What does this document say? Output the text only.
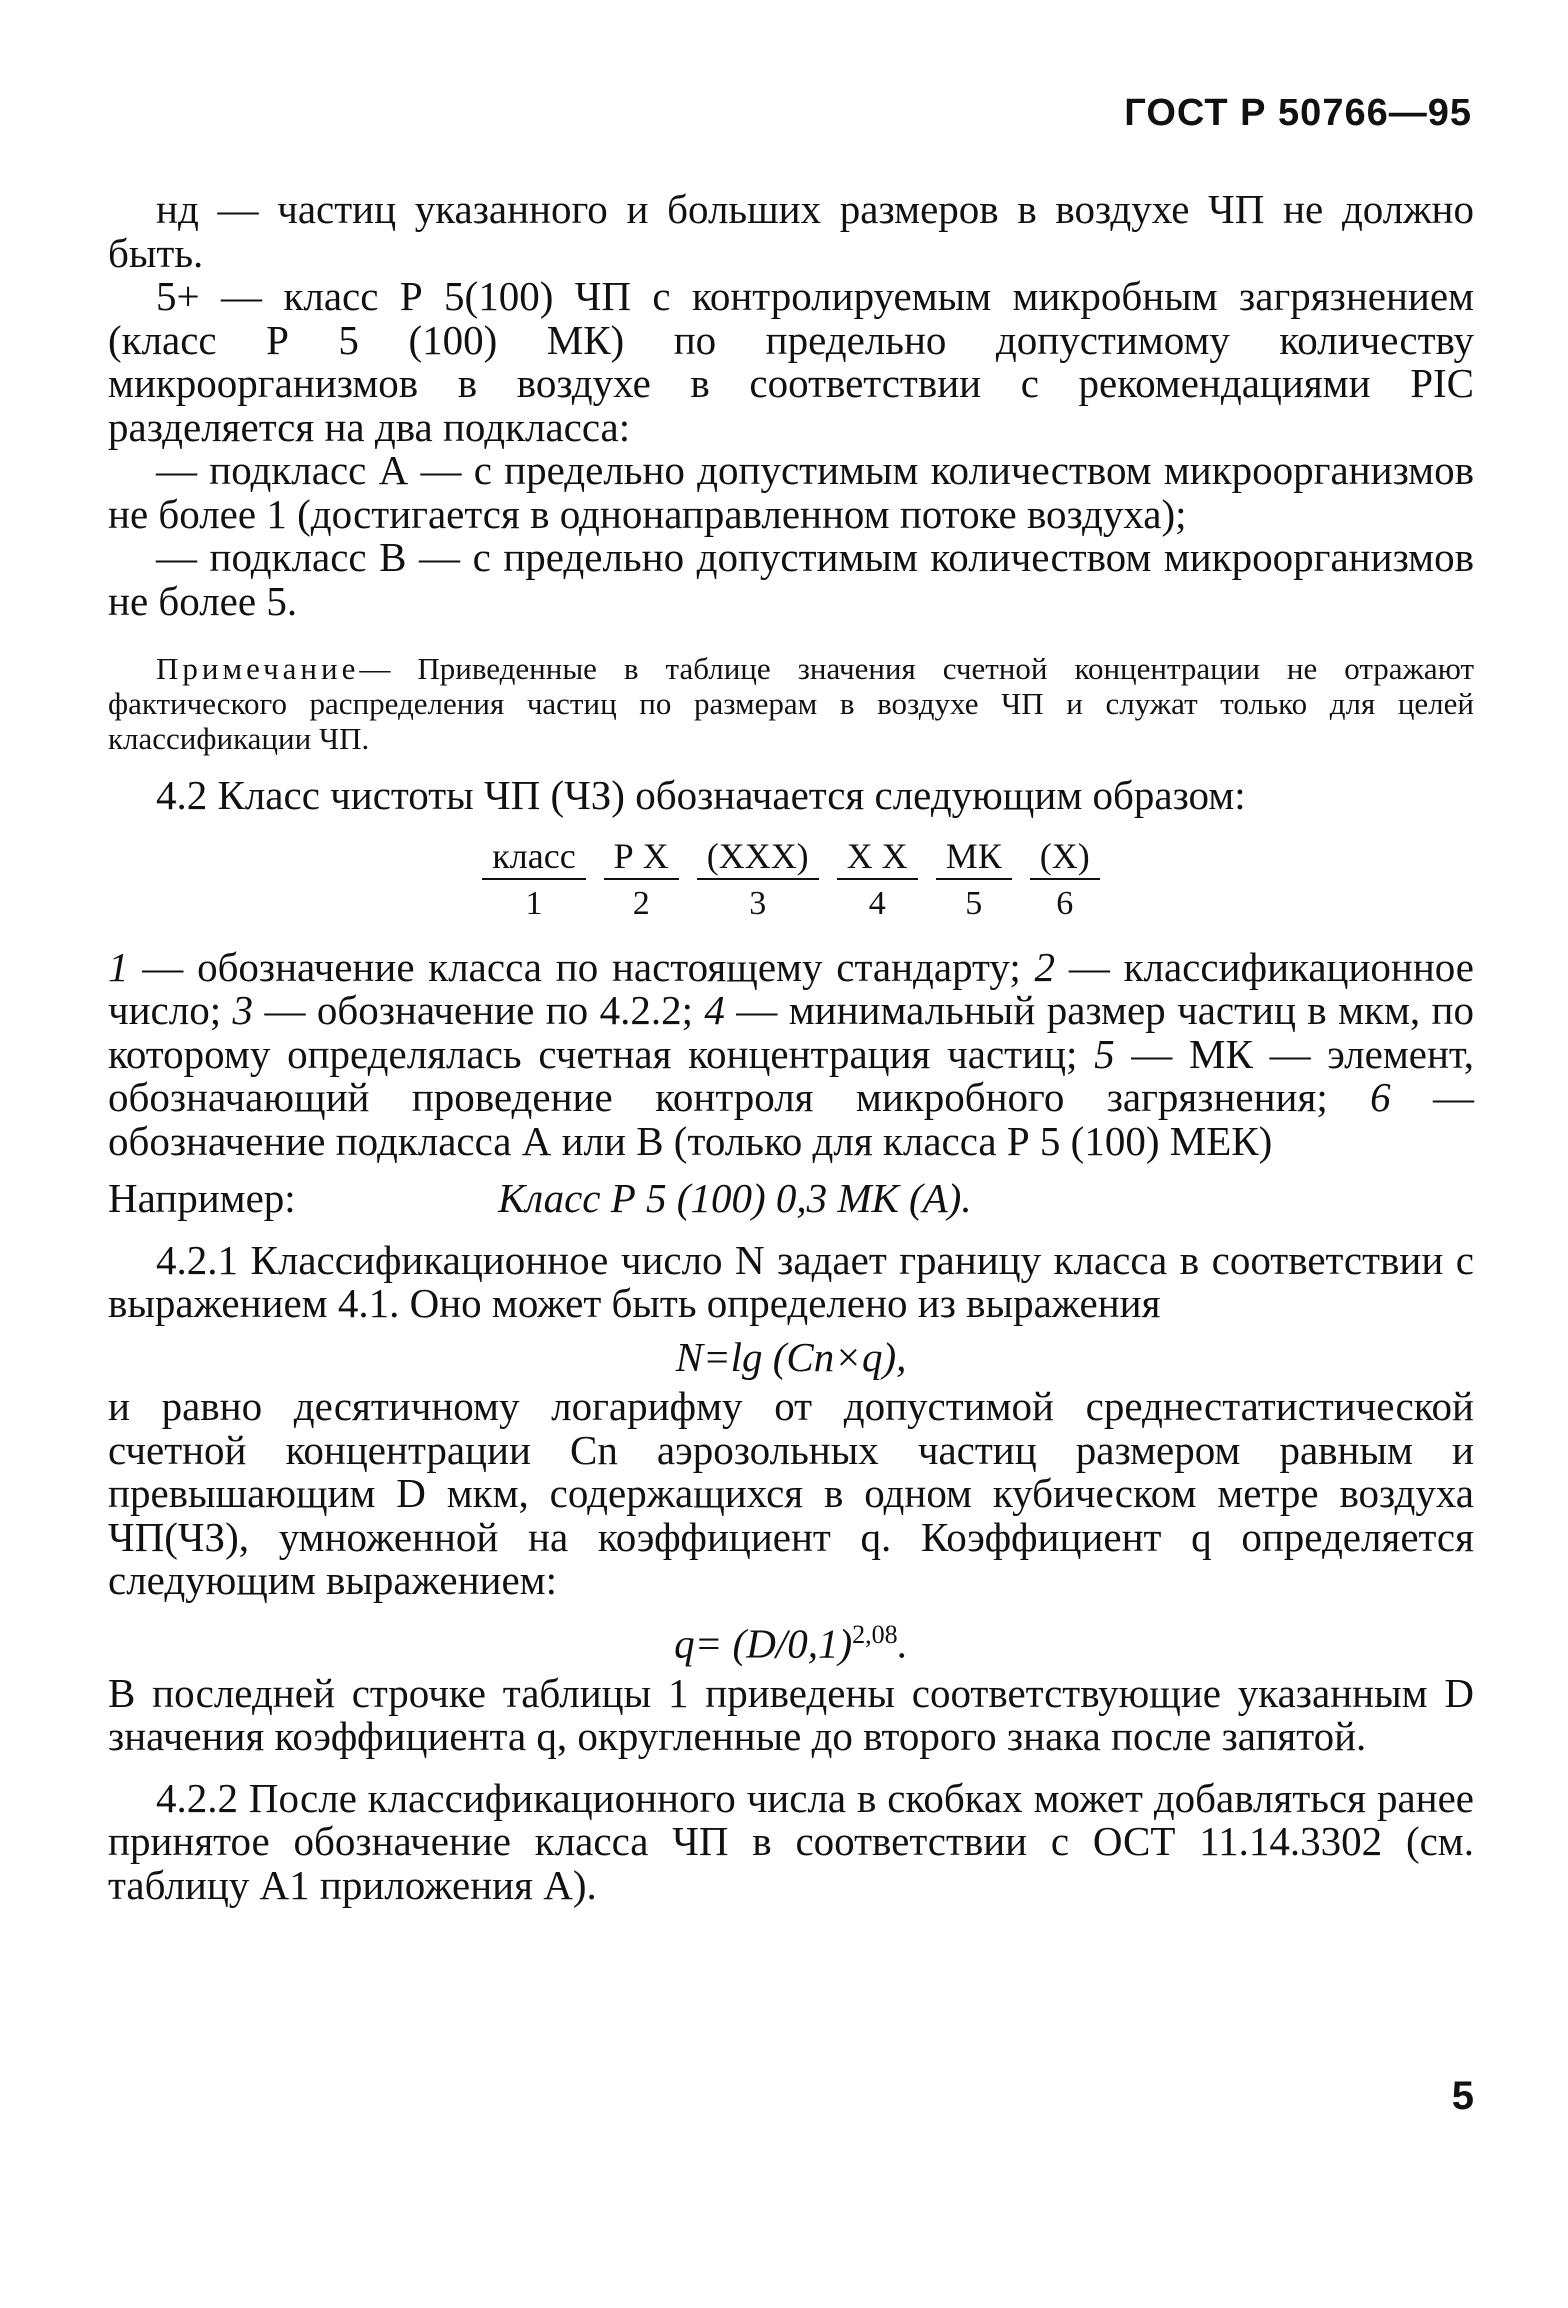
ГОСТ Р 50766—95

нд — частиц указанного и больших размеров в воздухе ЧП не должно быть.

5+ — класс Р 5(100) ЧП с контролируемым микробным загрязнением (класс Р 5 (100) МК) по предельно допустимому количеству микроорганизмов в воздухе в соответствии с рекомендациями PIC разделяется на два подкласса:

— подкласс А — с предельно допустимым количеством микроорганизмов не более 1 (достигается в однонаправленном потоке воздуха);

— подкласс В — с предельно допустимым количеством микроорганизмов не более 5.

Примечание— Приведенные в таблице значения счетной концентрации не отражают фактического распределения частиц по размерам в воздухе ЧП и служат только для целей классификации ЧП.

4.2 Класс чистоты ЧП (ЧЗ) обозначается следующим образом:

класс
1
Р Х
2
(ХХХ)
3
Х Х
4
МК
5
(Х)
6

1 — обозначение класса по настоящему стандарту; 2 — классификационное число; 3 — обозначение по 4.2.2; 4 — минимальный размер частиц в мкм, по которому определялась счетная концентрация частиц; 5 — МК — элемент, обозначающий проведение контроля микробного загрязнения; 6 — обозначение подкласса А или В (только для класса Р 5 (100) МЕК)

Например:	Класс Р 5 (100) 0,3 МК (А).

4.2.1 Классификационное число N задает границу класса в соответствии с выражением 4.1. Оно может быть определено из выражения

N=lg (Cn×q),

и равно десятичному логарифму от допустимой среднестатистической счетной концентрации Cn аэрозольных частиц размером равным и превышающим D мкм, содержащихся в одном кубическом метре воздуха ЧП(ЧЗ), умноженной на коэффициент q. Коэффициент q определяется следующим выражением:

$q= (D/0,1)^{2,08}$.

В последней строчке таблицы 1 приведены соответствующие указанным D значения коэффициента q, округленные до второго знака после запятой.

4.2.2 После классификационного числа в скобках может добавляться ранее принятое обозначение класса ЧП в соответствии с ОСТ 11.14.3302 (см. таблицу А1 приложения А).

5
